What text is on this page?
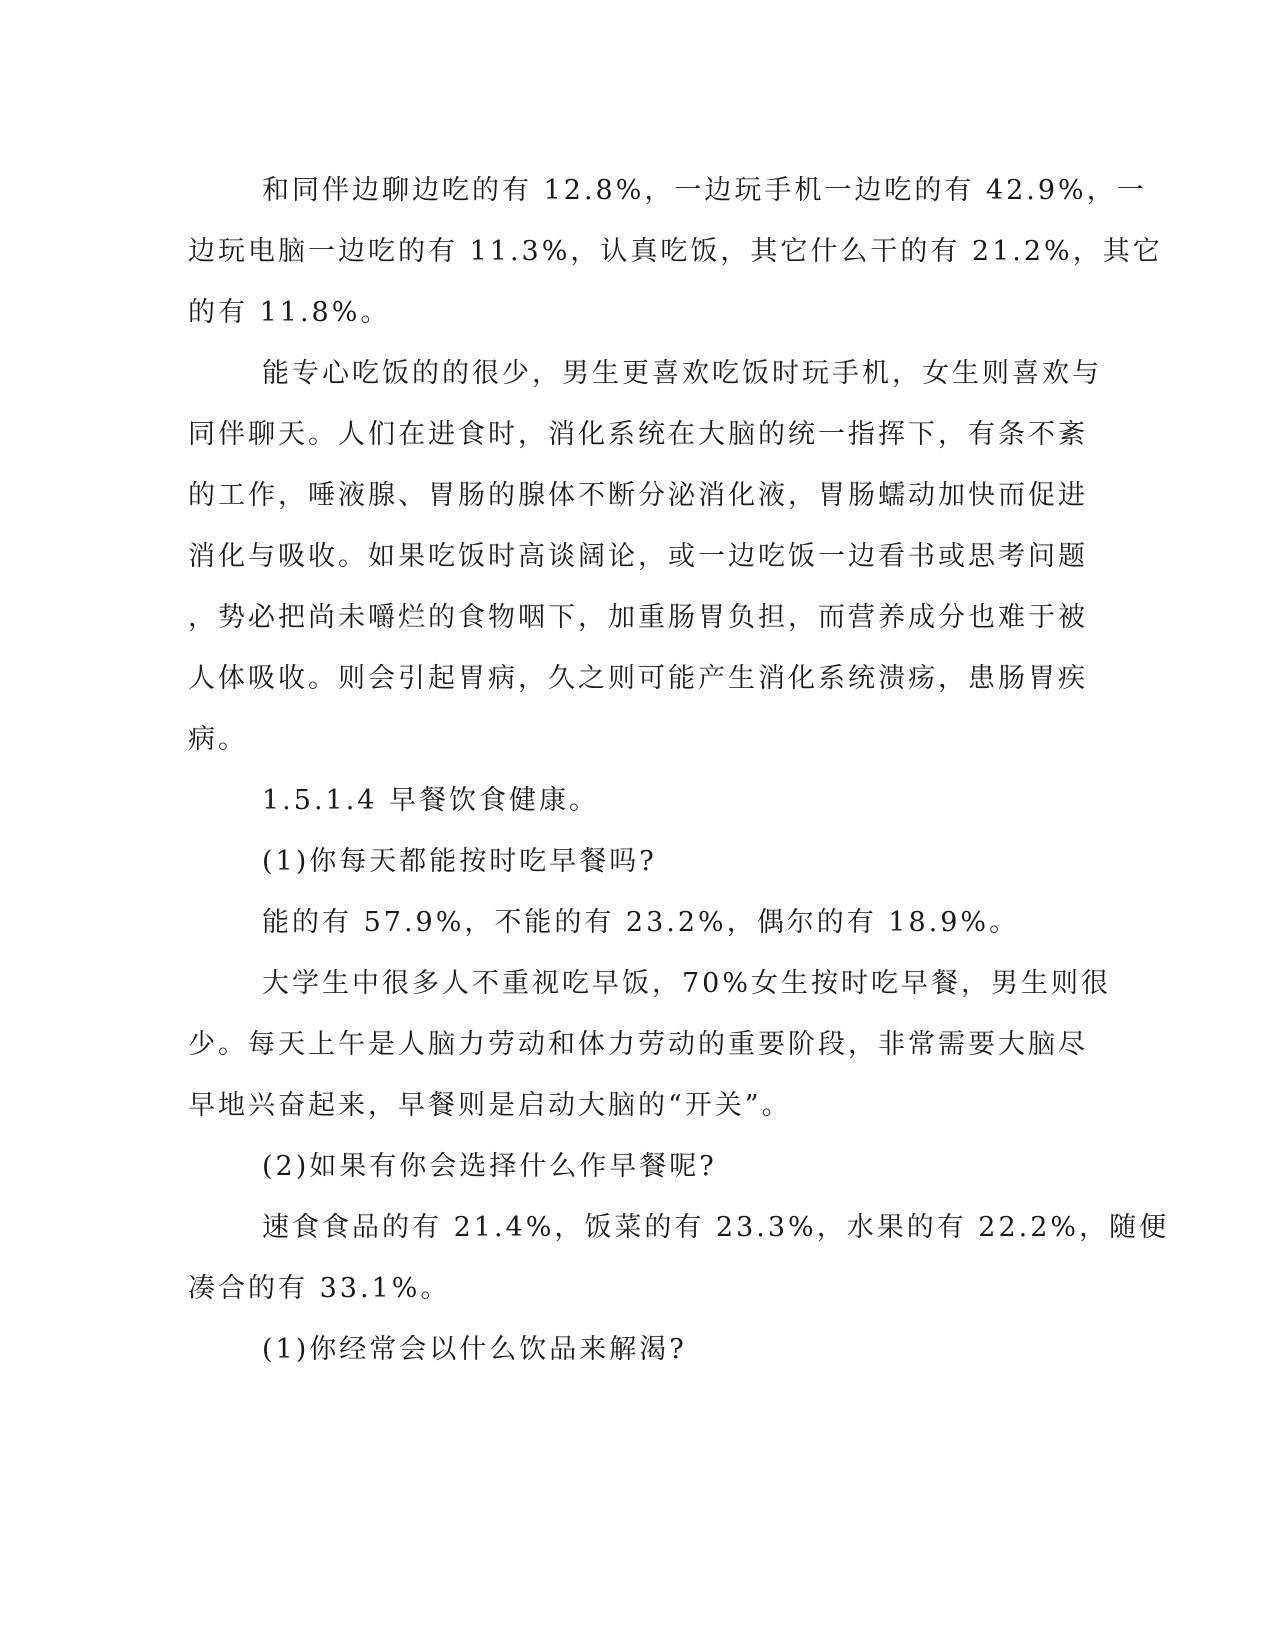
和同伴边聊边吃的有 12.8%，一边玩手机一边吃的有 42.9%，一
边玩电脑一边吃的有 11.3%，认真吃饭，其它什么干的有 21.2%，其它
的有 11.8%。

能专心吃饭的的很少，男生更喜欢吃饭时玩手机，女生则喜欢与
同伴聊天。人们在进食时，消化系统在大脑的统一指挥下，有条不紊
的工作，唾液腺、胃肠的腺体不断分泌消化液，胃肠蠕动加快而促进
消化与吸收。如果吃饭时高谈阔论，或一边吃饭一边看书或思考问题
，势必把尚未嚼烂的食物咽下，加重肠胃负担，而营养成分也难于被
人体吸收。则会引起胃病，久之则可能产生消化系统溃疡，患肠胃疾
病。

1.5.1.4 早餐饮食健康。

(1)你每天都能按时吃早餐吗?

能的有 57.9%，不能的有 23.2%，偶尔的有 18.9%。

大学生中很多人不重视吃早饭，70%女生按时吃早餐，男生则很
少。每天上午是人脑力劳动和体力劳动的重要阶段，非常需要大脑尽
早地兴奋起来，早餐则是启动大脑的“开关”。

(2)如果有你会选择什么作早餐呢?

速食食品的有 21.4%，饭菜的有 23.3%，水果的有 22.2%，随便
凑合的有 33.1%。

(1)你经常会以什么饮品来解渴?
